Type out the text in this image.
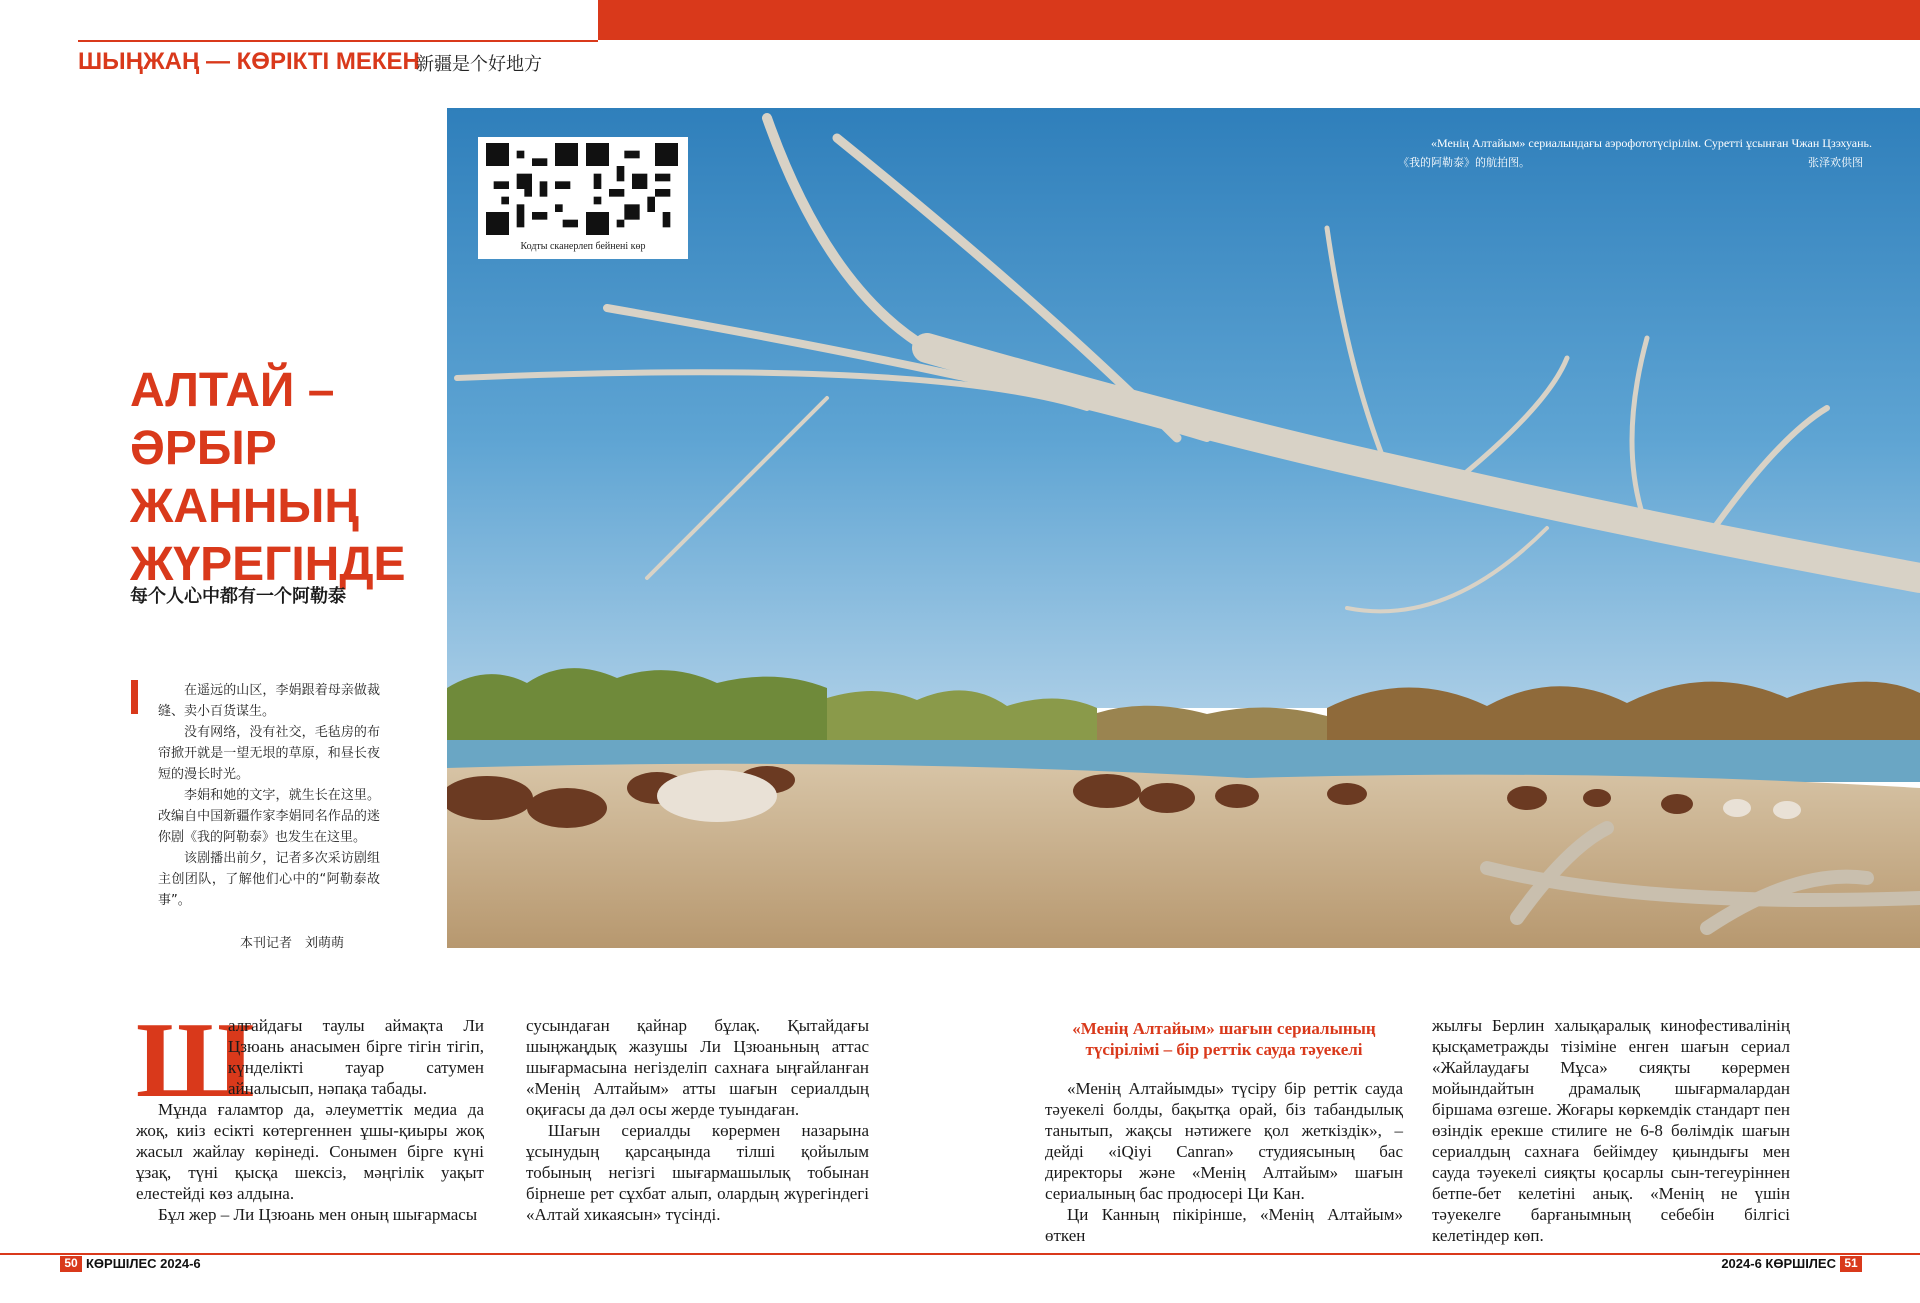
ШЫҢЖАҢ — КӨРІКТІ МЕКЕН
新疆是个好地方
Кодты сканерлеп бейнені көр
«Менің Алтайым» сериалындағы аэрофототүсірілім. Суретті ұсынған Чжан Цзэхуань.
《我的阿勒泰》的航拍图。	张泽欢供图
АЛТАЙ –
ӘРБІР
ЖАННЫҢ
ЖҮРЕГІНДЕ
每个人心中都有一个阿勒泰

在遥远的山区，李娟跟着母亲做裁缝、卖小百货谋生。

没有网络，没有社交，毛毡房的布帘掀开就是一望无垠的草原，和昼长夜短的漫长时光。

李娟和她的文字，就生长在这里。改编自中国新疆作家李娟同名作品的迷你剧《我的阿勒泰》也发生在这里。

该剧播出前夕，记者多次采访剧组主创团队，了解他们心中的“阿勒泰故事”。

本刊记者　刘萌萌
Ш

алғайдағы таулы аймақта Ли Цзюань анасымен бірге тігін тігіп, күнделікті тауар сатумен айналысып, нәпақа табады.

Мұнда ғаламтор да, әлеуметтік медиа да жоқ, киіз есікті көтергеннен ұшы-қиыры жоқ жасыл жайлау көрінеді. Сонымен бірге күні ұзақ, түні қысқа шексіз, мәңгілік уақыт елестейді көз алдына.

Бұл жер – Ли Цзюань мен оның шығармасы

сусындаған қайнар бұлақ. Қытайдағы шыңжаңдық жазушы Ли Цзюаньның аттас шығармасына негізделіп сахнаға ыңғайланған «Менің Алтайым» атты шағын сериалдың оқиғасы да дәл осы жерде туындаған.

Шағын сериалды көрермен назарына ұсынудың қарсаңында тілші қойылым тобының негізгі шығармашылық тобынан бірнеше рет сұхбат алып, олардың жүрегіндегі «Алтай хикаясын» түсінді.

«Менің Алтайым» шағын сериалының түсірілімі – бір реттік сауда тәуекелі

«Менің Алтайымды» түсіру бір реттік сауда тәуекелі болды, бақытқа орай, біз табандылық танытып, жақсы нәтижеге қол жеткіздік», – дейді «iQiyi Canran» студиясының бас директоры және «Менің Алтайым» шағын сериалының бас продюсері Ци Кан.

Ци Канның пікірінше, «Менің Алтайым» өткен

жылғы Берлин халықаралық кинофестивалінің қысқаметражды тізіміне енген шағын сериал «Жайлаудағы Мұса» сияқты көрермен мойындайтын драмалық шығармалардан біршама өзгеше. Жоғары көркемдік стандарт пен өзіндік ерекше стилиге не 6-8 бөлімдік шағын сериалдың сахнаға бейімдеу қиындығы мен сауда тәуекелі сияқты қосарлы сын-тегеуріннен бетпе-бет келетіні анық. «Менің не үшін тәуекелге барғанымның себебін білгісі келетіндер көп.

50 КӨРШІЛЕС 2024-6	2024-6 КӨРШІЛЕС 51
